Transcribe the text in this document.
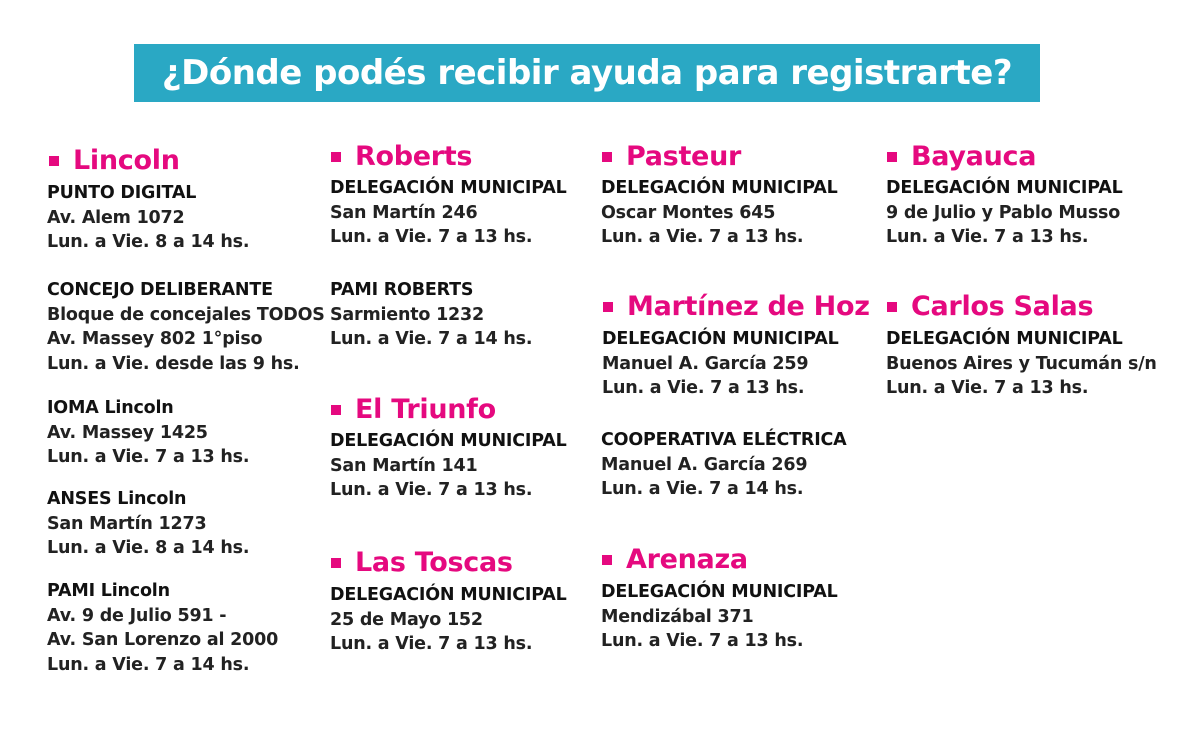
¿Dónde podés recibir ayuda para registrarte?
Lincoln
PUNTO DIGITAL
Av. Alem 1072
Lun. a Vie. 8 a 14 hs.
CONCEJO DELIBERANTE
Bloque de concejales TODOS
Av. Massey 802 1°piso
Lun. a Vie. desde las 9 hs.
IOMA Lincoln
Av. Massey 1425
Lun. a Vie. 7 a 13 hs.
ANSES Lincoln
San Martín 1273
Lun. a Vie. 8 a 14 hs.
PAMI Lincoln
Av. 9 de Julio 591 -
Av. San Lorenzo al 2000
Lun. a Vie. 7 a 14 hs.
Roberts
DELEGACIÓN MUNICIPAL
San Martín 246
Lun. a Vie. 7 a 13 hs.
PAMI ROBERTS
Sarmiento 1232
Lun. a Vie. 7 a 14 hs.
El Triunfo
DELEGACIÓN MUNICIPAL
San Martín 141
Lun. a Vie. 7 a 13 hs.
Las Toscas
DELEGACIÓN MUNICIPAL
25 de Mayo 152
Lun. a Vie. 7 a 13 hs.
Pasteur
DELEGACIÓN MUNICIPAL
Oscar Montes 645
Lun. a Vie. 7 a 13 hs.
Martínez de Hoz
DELEGACIÓN MUNICIPAL
Manuel A. García 259
Lun. a Vie. 7 a 13 hs.
COOPERATIVA ELÉCTRICA
Manuel A. García 269
Lun. a Vie. 7 a 14 hs.
Arenaza
DELEGACIÓN MUNICIPAL
Mendizábal 371
Lun. a Vie. 7 a 13 hs.
Bayauca
DELEGACIÓN MUNICIPAL
9 de Julio y Pablo Musso
Lun. a Vie. 7 a 13 hs.
Carlos Salas
DELEGACIÓN MUNICIPAL
Buenos Aires y Tucumán s/n
Lun. a Vie. 7 a 13 hs.
